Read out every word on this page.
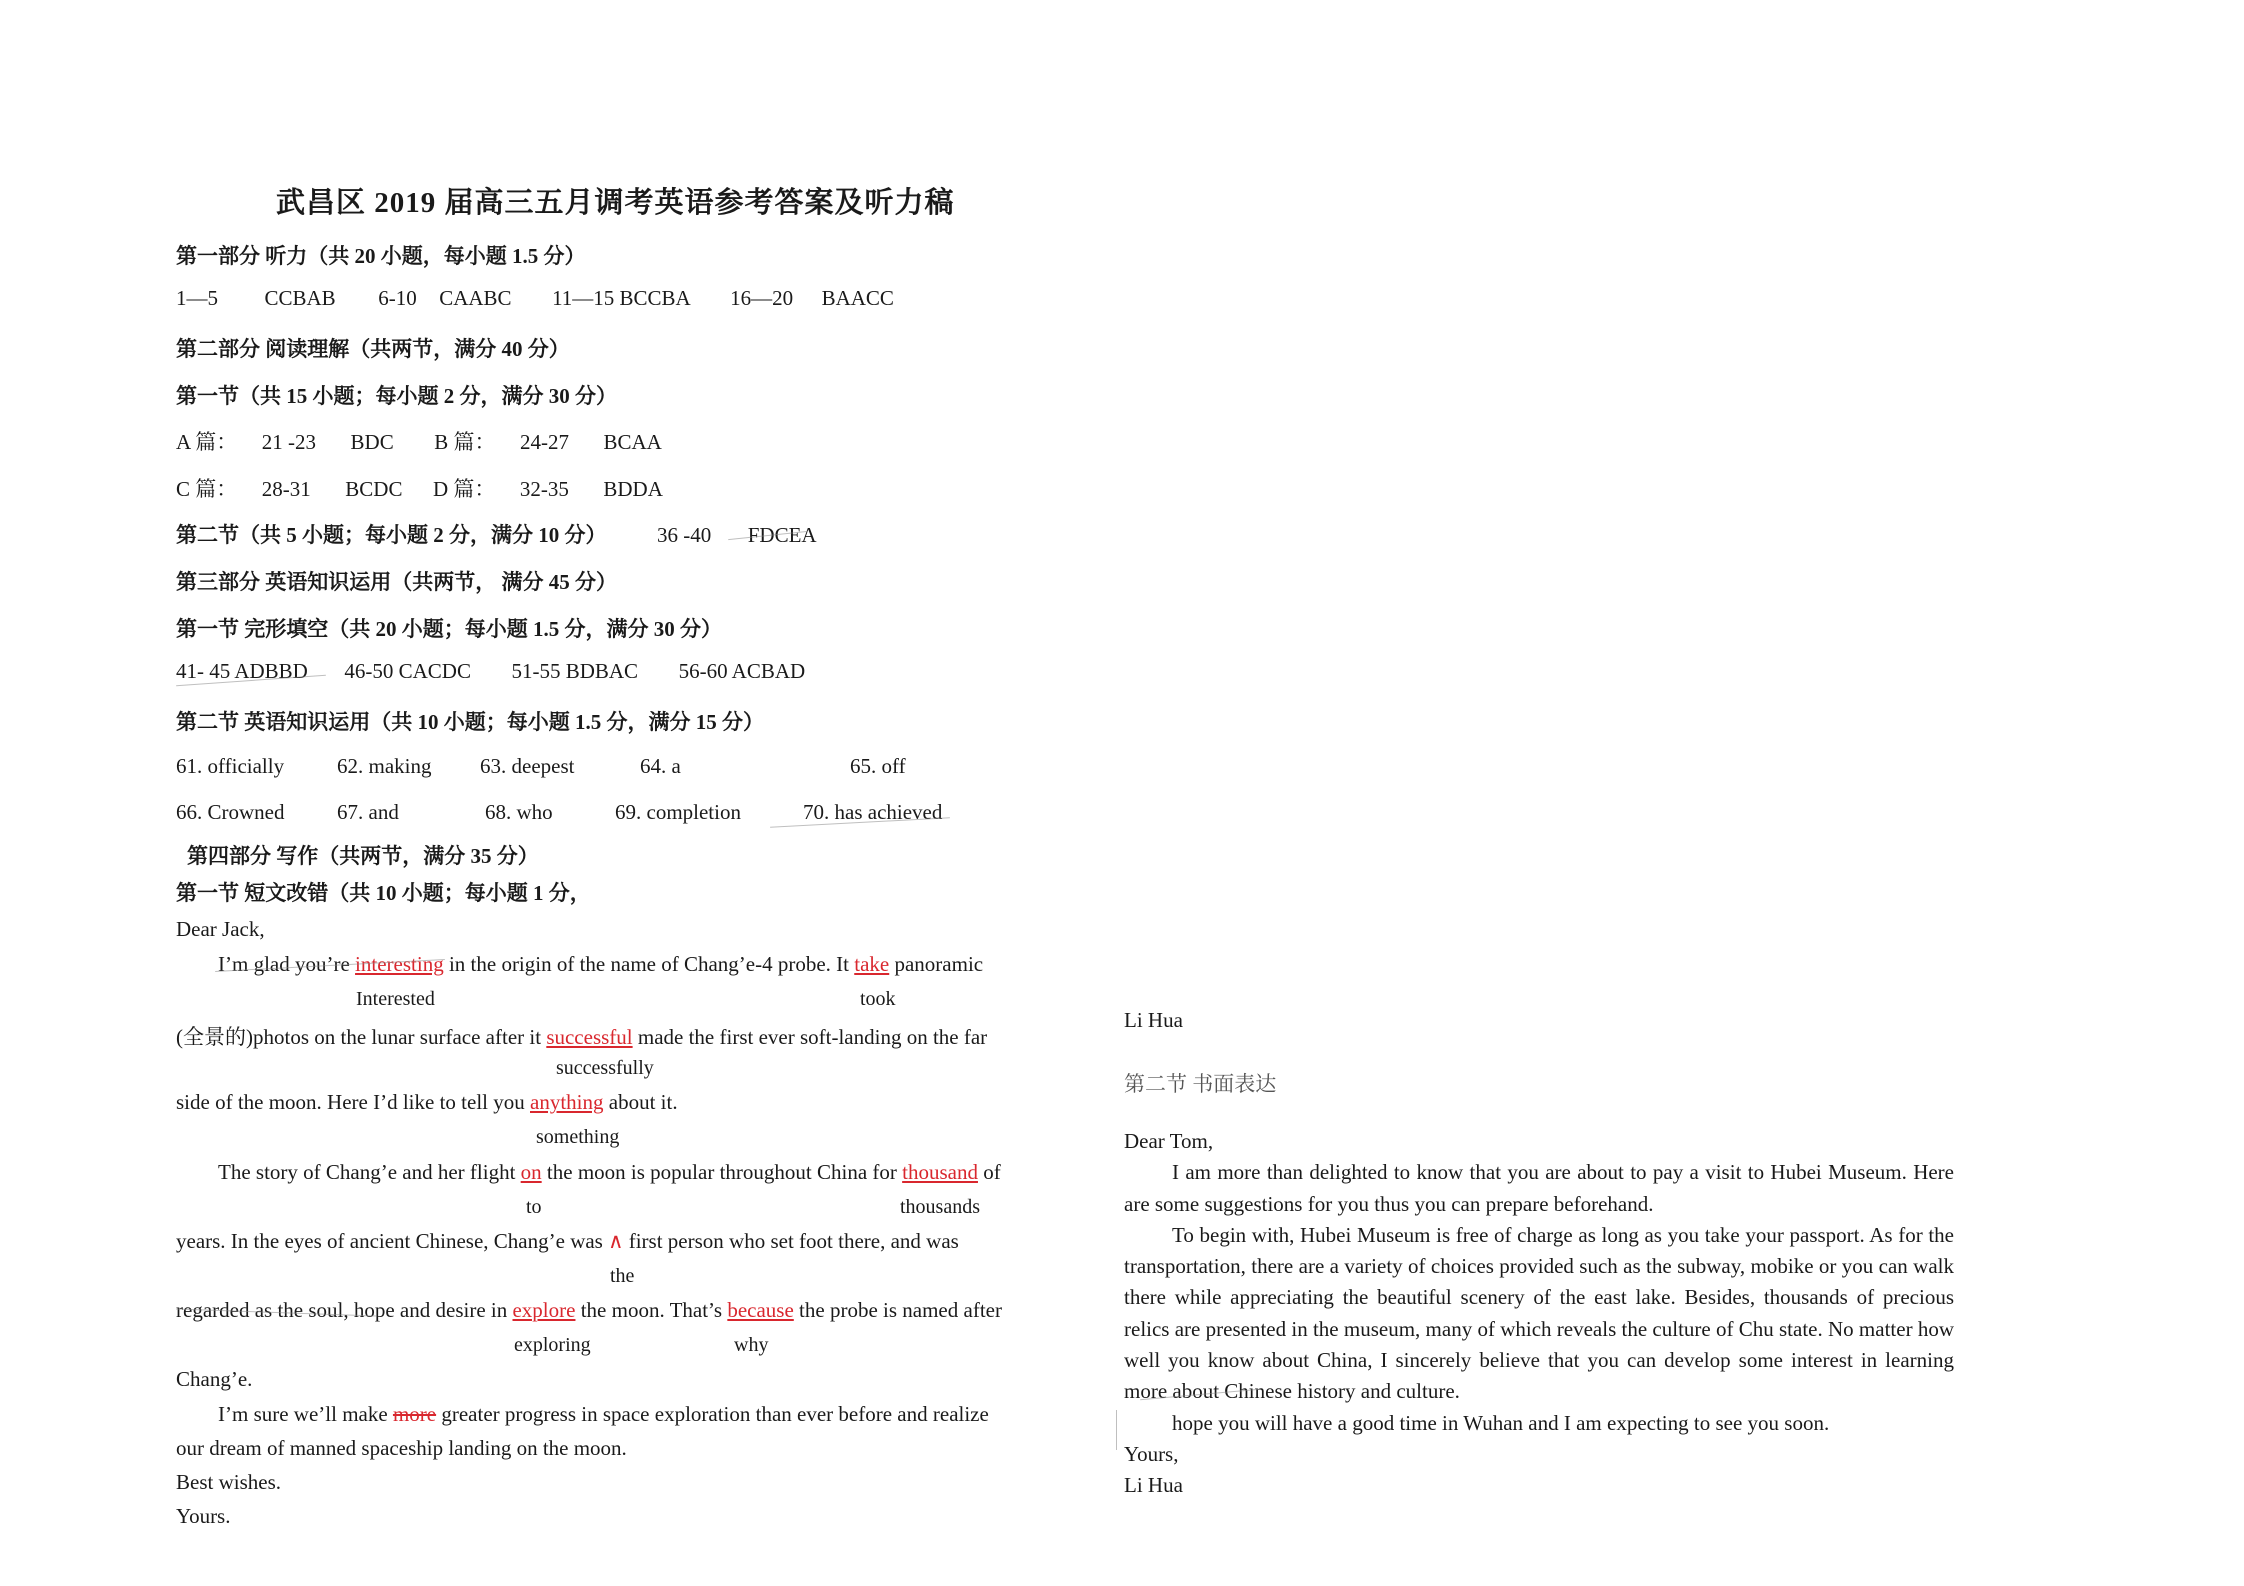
武昌区 2019 届高三五月调考英语参考答案及听力稿
第一部分 听力（共 20 小题，每小题 1.5 分）
1—5 CCBAB 6-10 CAABC 11—15 BCCBA 16—20 BAACC
第二部分 阅读理解（共两节，满分 40 分）
第一节（共 15 小题；每小题 2 分，满分 30 分）
A 篇： 21 -23 BDC B 篇： 24-27 BCAA
C 篇： 28-31 BCDC D 篇： 32-35 BDDA
第二节（共 5 小题；每小题 2 分，满分 10 分） 36 -40 FDCEA
第三部分 英语知识运用（共两节， 满分 45 分）
第一节 完形填空（共 20 小题；每小题 1.5 分，满分 30 分）
41- 45 ADBBD 46-50 CACDC 51-55 BDBAC 56-60 ACBAD
第二节 英语知识运用（共 10 小题；每小题 1.5 分，满分 15 分）
61. officially	62. making 63. deepest	64. a	65. off
66. Crowned	67. and	68. who	69. completion	70. has achieved
第四部分 写作（共两节，满分 35 分）
第一节 短文改错（共 10 小题；每小题 1 分，
Dear Jack,
I’m glad you’re interesting in the origin of the name of Chang’e-4 probe. It take panoramic
Interested	took
(全景的)photos on the lunar surface after it successful made the first ever soft-landing on the far
successfully
side of the moon. Here I’d like to tell you anything about it.
something
The story of Chang’e and her flight on the moon is popular throughout China for thousand of
to	thousands
years. In the eyes of ancient Chinese, Chang’e was ∧ first person who set foot there, and was
the
regarded as the soul, hope and desire in explore the moon. That’s because the probe is named after
exploring	why
Chang’e.
I’m sure we’ll make more greater progress in space exploration than ever before and realize
our dream of manned spaceship landing on the moon.
Best wishes.
Yours.
Li Hua
第二节 书面表达

Dear Tom,

I am more than delighted to know that you are about to pay a visit to Hubei Museum. Here are some suggestions for you thus you can prepare beforehand.

To begin with, Hubei Museum is free of charge as long as you take your passport. As for the transportation, there are a variety of choices provided such as the subway, mobike or you can walk there while appreciating the beautiful scenery of the east lake. Besides, thousands of precious relics are presented in the museum, many of which reveals the culture of Chu state. No matter how well you know about China, I sincerely believe that you can develop some interest in learning more about Chinese history and culture.

hope you will have a good time in Wuhan and I am expecting to see you soon.

Yours,

Li Hua
